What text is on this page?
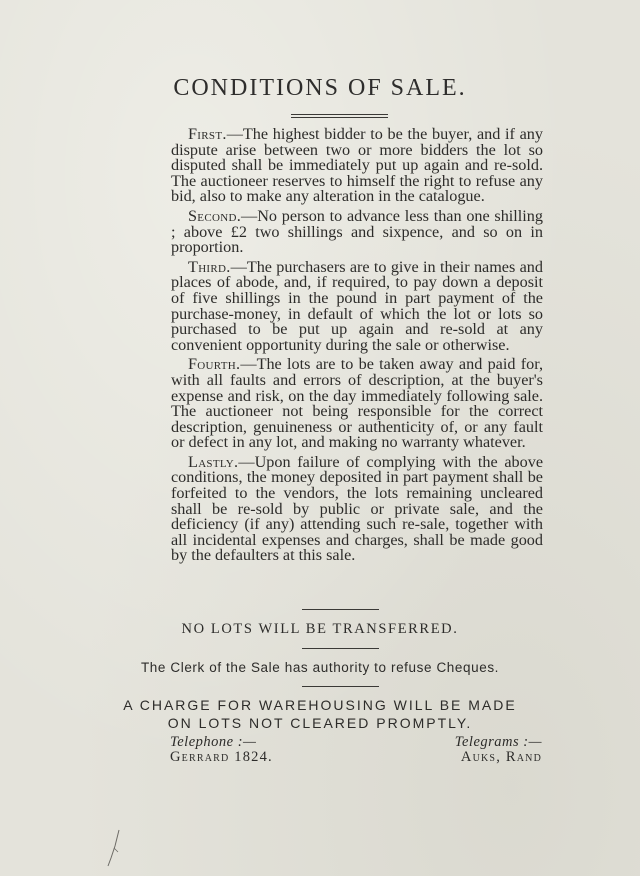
CONDITIONS OF SALE.

First.—The highest bidder to be the buyer, and if any dispute arise between two or more bidders the lot so disputed shall be immediately put up again and re-sold. The auctioneer reserves to himself the right to refuse any bid, also to make any alteration in the catalogue.

Second.—No person to advance less than one shilling ; above £2 two shillings and sixpence, and so on in proportion.

Third.—The purchasers are to give in their names and places of abode, and, if required, to pay down a deposit of five shillings in the pound in part payment of the purchase-money, in default of which the lot or lots so purchased to be put up again and re-sold at any convenient opportunity during the sale or otherwise.

Fourth.—The lots are to be taken away and paid for, with all faults and errors of description, at the buyer's expense and risk, on the day immediately following sale. The auctioneer not being responsible for the correct description, genuineness or authenticity of, or any fault or defect in any lot, and making no warranty whatever.

Lastly.—Upon failure of complying with the above conditions, the money deposited in part payment shall be forfeited to the vendors, the lots remaining uncleared shall be re-sold by public or private sale, and the deficiency (if any) attending such re-sale, together with all incidental expenses and charges, shall be made good by the defaulters at this sale.

NO LOTS WILL BE TRANSFERRED.
The Clerk of the Sale has authority to refuse Cheques.
A CHARGE FOR WAREHOUSING WILL BE MADE
ON LOTS NOT CLEARED PROMPTLY.
Telephone :—
Gerrard 1824.
Telegrams :—
Auks, Rand
